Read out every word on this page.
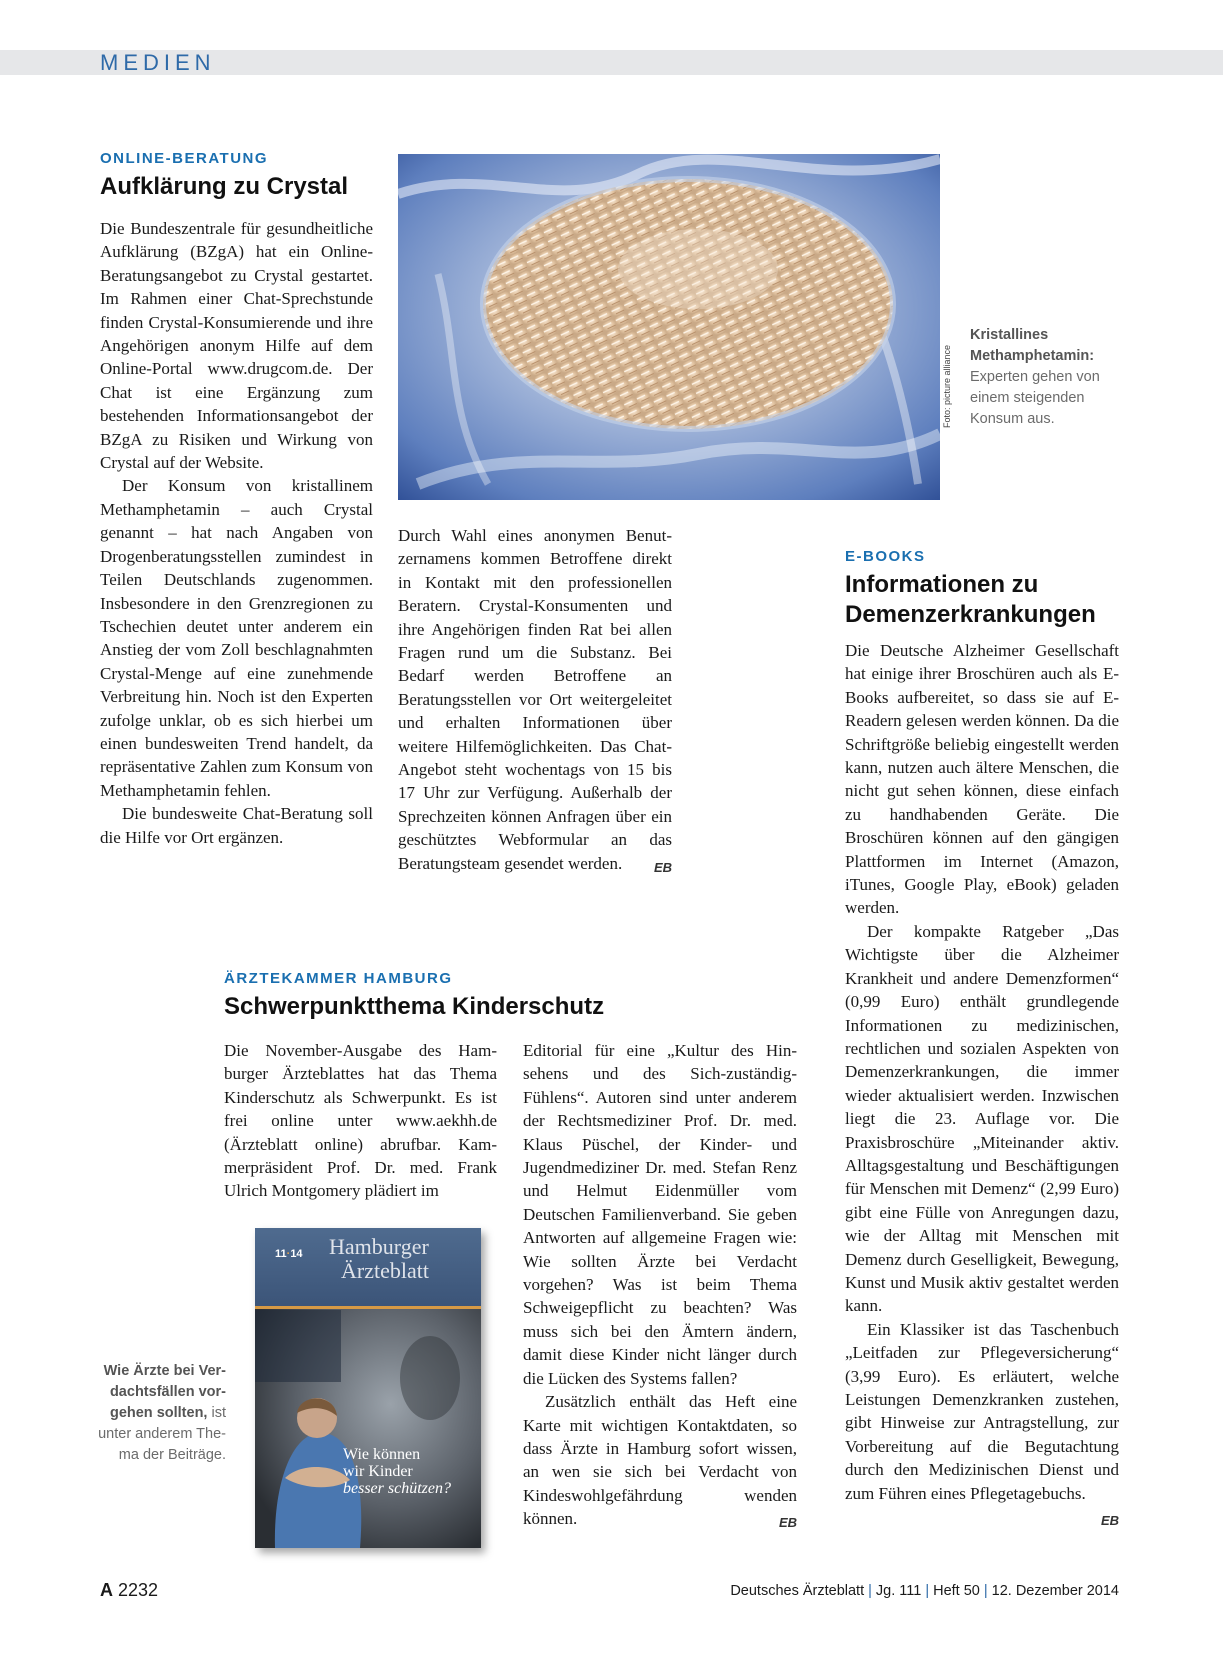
MEDIEN
ONLINE-BERATUNG
Aufklärung zu Crystal

Die Bundeszentrale für gesundheitliche Aufklärung (BZgA) hat ein Online-Beratungsangebot zu Crystal gestartet. Im Rahmen einer Chat-Sprechstunde finden Crystal-Konsumierende und ihre Angehörigen anonym Hilfe auf dem Online-Portal www.drugcom.de. Der Chat ist eine Ergänzung zum bestehenden Informationsangebot der BZgA zu Risiken und Wirkung von Crystal auf der Website.

Der Konsum von kristallinem Methamphetamin – auch Crystal genannt – hat nach Angaben von Drogenberatungsstellen zumindest in Teilen Deutschlands zugenommen. Insbesondere in den Grenzregionen zu Tschechien deutet unter anderem ein Anstieg der vom Zoll beschlagnahmten Crystal-Menge auf eine zunehmende Verbreitung hin. Noch ist den Experten zufolge unklar, ob es sich hierbei um einen bundesweiten Trend handelt, da repräsentative Zahlen zum Konsum von Methamphetamin fehlen.

Die bundesweite Chat-Beratung soll die Hilfe vor Ort ergänzen.

Foto: picture alliance
Kristallines Methamphetamin: Experten gehen von einem steigenden Konsum aus.

Durch Wahl eines anonymen Benutzernamens kommen Betroffene direkt in Kontakt mit den professionellen Beratern. Crystal-Konsumenten und ihre Angehörigen finden Rat bei allen Fragen rund um die Substanz. Bei Bedarf werden Betroffene an Beratungsstellen vor Ort weitergeleitet und erhalten Informationen über weitere Hilfemöglichkeiten. Das Chat-Angebot steht wochentags von 15 bis 17 Uhr zur Verfügung. Außerhalb der Sprechzeiten können Anfragen über ein geschütztes Webformular an das Beratungsteam gesendet werden. EB

E-BOOKS
Informationen zu
Demenzerkrankungen

Die Deutsche Alzheimer Gesellschaft hat einige ihrer Broschüren auch als E-Books aufbereitet, so dass sie auf E-Readern gelesen werden können. Da die Schriftgröße beliebig eingestellt werden kann, nutzen auch ältere Menschen, die nicht gut sehen können, diese einfach zu handhabenden Geräte. Die Broschüren können auf den gängigen Plattformen im Internet (Amazon, iTunes, Google Play, eBook) geladen werden.

Der kompakte Ratgeber „Das Wichtigste über die Alzheimer Krankheit und andere Demenzformen“ (0,99 Euro) enthält grundlegende Informationen zu medizinischen, rechtlichen und sozialen Aspekten von Demenzerkrankungen, die immer wieder aktualisiert werden. Inzwischen liegt die 23. Auflage vor. Die Praxisbroschüre „Miteinander aktiv. Alltagsgestaltung und Beschäftigungen für Menschen mit Demenz“ (2,99 Euro) gibt eine Fülle von Anregungen dazu, wie der Alltag mit Menschen mit Demenz durch Geselligkeit, Bewegung, Kunst und Musik aktiv gestaltet werden kann.

Ein Klassiker ist das Taschenbuch „Leitfaden zur Pflegeversicherung“ (3,99 Euro). Es erläutert, welche Leistungen Demenzkranken zustehen, gibt Hinweise zur Antragstellung, zur Vorbereitung auf die Begutachtung durch den Medizinischen Dienst und zum Führen eines Pflegetagebuchs.
EB

ÄRZTEKAMMER HAMBURG
Schwerpunktthema Kinderschutz

Die November-Ausgabe des Hamburger Ärzteblattes hat das Thema Kinderschutz als Schwerpunkt. Es ist frei online unter www.aekhh.de (Ärzteblatt online) abrufbar. Kammerpräsident Prof. Dr. med. Frank Ulrich Montgomery plädiert im

Editorial für eine „Kultur des Hinsehens und des Sich-zuständig-Fühlens“. Autoren sind unter anderem der Rechtsmediziner Prof. Dr. med. Klaus Püschel, der Kinder- und Jugendmediziner Dr. med. Stefan Renz und Helmut Eidenmüller vom Deutschen Familienverband. Sie geben Antworten auf allgemeine Fragen wie: Wie sollten Ärzte bei Verdacht vorgehen? Was ist beim Thema Schweigepflicht zu beachten? Was muss sich bei den Ämtern ändern, damit diese Kinder nicht länger durch die Lücken des Systems fallen?

Zusätzlich enthält das Heft eine Karte mit wichtigen Kontaktdaten, so dass Ärzte in Hamburg sofort wissen, an wen sie sich bei Verdacht von Kindeswohlgefährdung wenden können.	EB

11·14 Hamburger
Ärzteblatt
Wie können
wir Kinder
besser schützen?
Wie Ärzte bei Verdachtsfällen vorgehen sollten, ist unter anderem Thema der Beiträge.
A 2232	Deutsches Ärzteblatt | Jg. 111 | Heft 50 | 12. Dezember 2014
